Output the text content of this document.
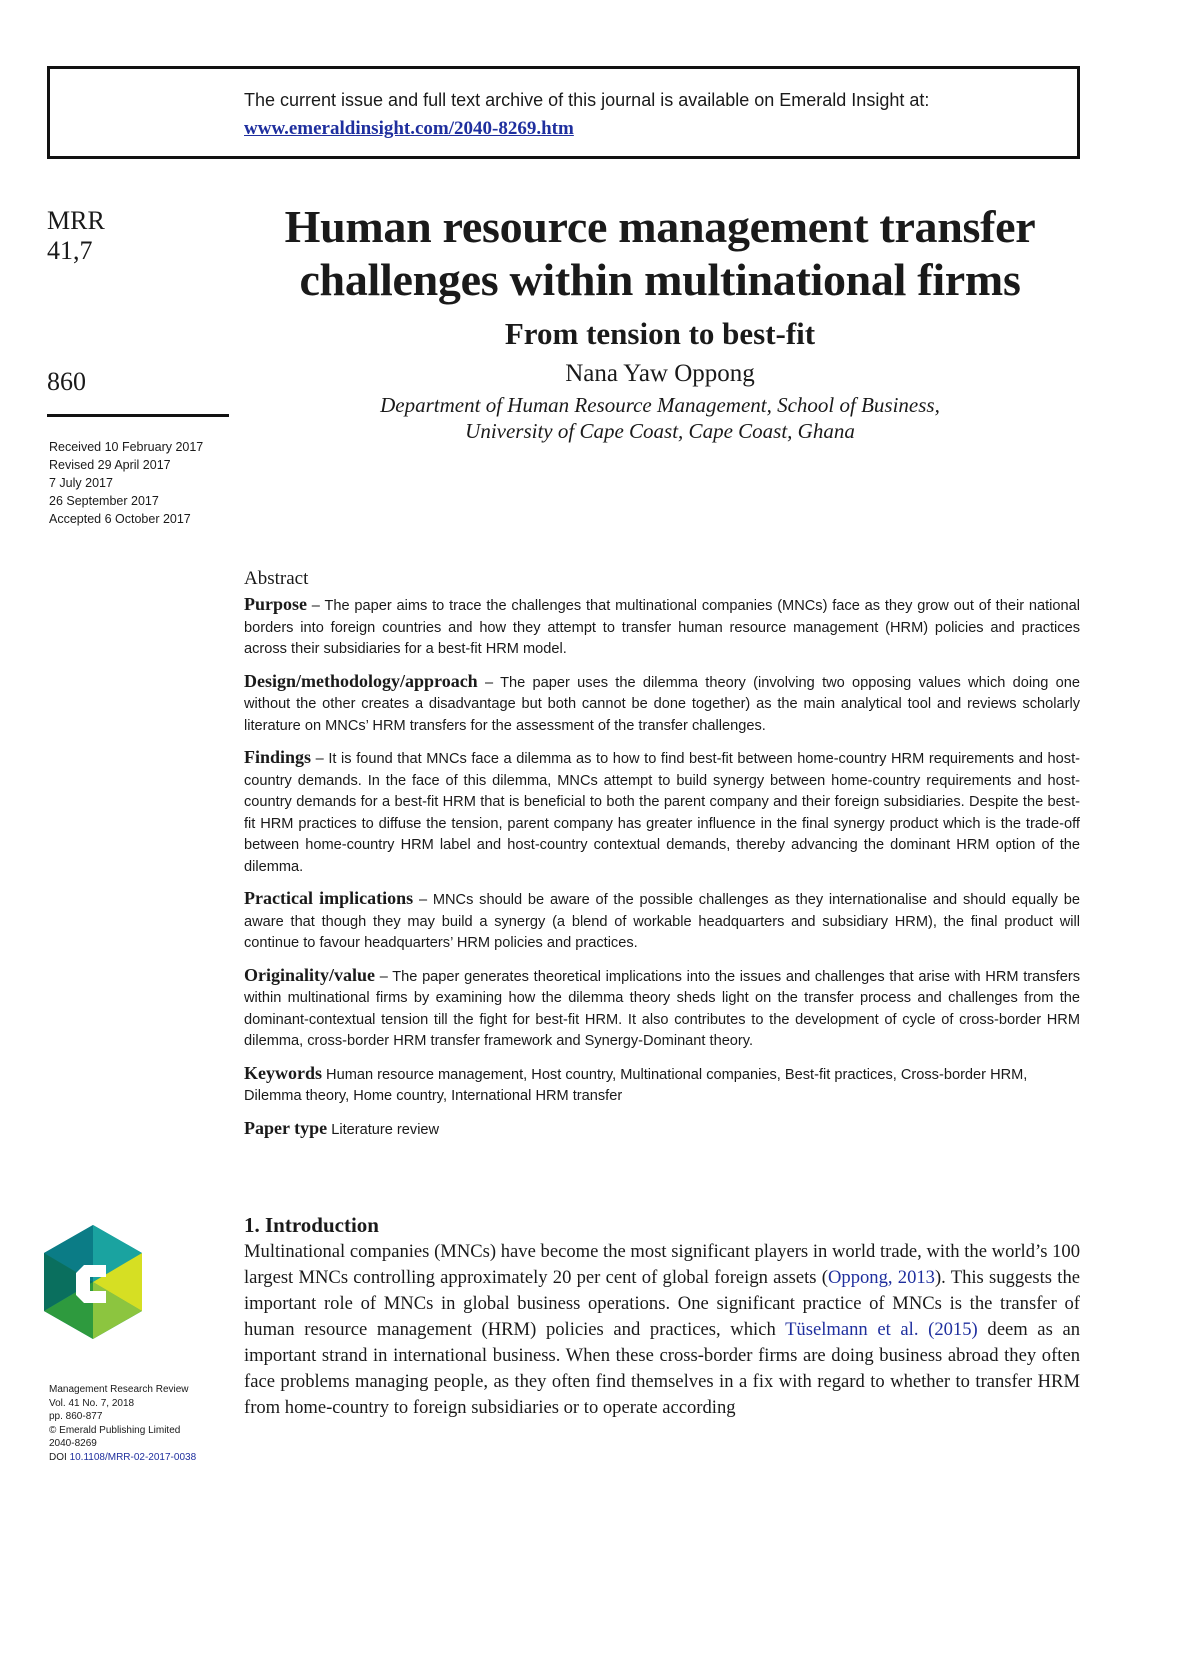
The current issue and full text archive of this journal is available on Emerald Insight at:
www.emeraldinsight.com/2040-8269.htm
MRR
41,7
860
Received 10 February 2017
Revised 29 April 2017
7 July 2017
26 September 2017
Accepted 6 October 2017
Human resource management transfer challenges within multinational firms
From tension to best-fit
Nana Yaw Oppong
Department of Human Resource Management, School of Business,
University of Cape Coast, Cape Coast, Ghana
Abstract
Purpose – The paper aims to trace the challenges that multinational companies (MNCs) face as they grow out of their national borders into foreign countries and how they attempt to transfer human resource management (HRM) policies and practices across their subsidiaries for a best-fit HRM model.
Design/methodology/approach – The paper uses the dilemma theory (involving two opposing values which doing one without the other creates a disadvantage but both cannot be done together) as the main analytical tool and reviews scholarly literature on MNCs’ HRM transfers for the assessment of the transfer challenges.
Findings – It is found that MNCs face a dilemma as to how to find best-fit between home-country HRM requirements and host-country demands. In the face of this dilemma, MNCs attempt to build synergy between home-country requirements and host-country demands for a best-fit HRM that is beneficial to both the parent company and their foreign subsidiaries. Despite the best-fit HRM practices to diffuse the tension, parent company has greater influence in the final synergy product which is the trade-off between home-country HRM label and host-country contextual demands, thereby advancing the dominant HRM option of the dilemma.
Practical implications – MNCs should be aware of the possible challenges as they internationalise and should equally be aware that though they may build a synergy (a blend of workable headquarters and subsidiary HRM), the final product will continue to favour headquarters’ HRM policies and practices.
Originality/value – The paper generates theoretical implications into the issues and challenges that arise with HRM transfers within multinational firms by examining how the dilemma theory sheds light on the transfer process and challenges from the dominant-contextual tension till the fight for best-fit HRM. It also contributes to the development of cycle of cross-border HRM dilemma, cross-border HRM transfer framework and Synergy-Dominant theory.
Keywords Human resource management, Host country, Multinational companies, Best-fit practices, Cross-border HRM, Dilemma theory, Home country, International HRM transfer
Paper type Literature review
Management Research Review
Vol. 41 No. 7, 2018
pp. 860-877
© Emerald Publishing Limited
2040-8269
DOI 10.1108/MRR-02-2017-0038
1. Introduction
Multinational companies (MNCs) have become the most significant players in world trade, with the world’s 100 largest MNCs controlling approximately 20 per cent of global foreign assets (Oppong, 2013). This suggests the important role of MNCs in global business operations. One significant practice of MNCs is the transfer of human resource management (HRM) policies and practices, which Tüselmann et al. (2015) deem as an important strand in international business. When these cross-border firms are doing business abroad they often face problems managing people, as they often find themselves in a fix with regard to whether to transfer HRM from home-country to foreign subsidiaries or to operate according
